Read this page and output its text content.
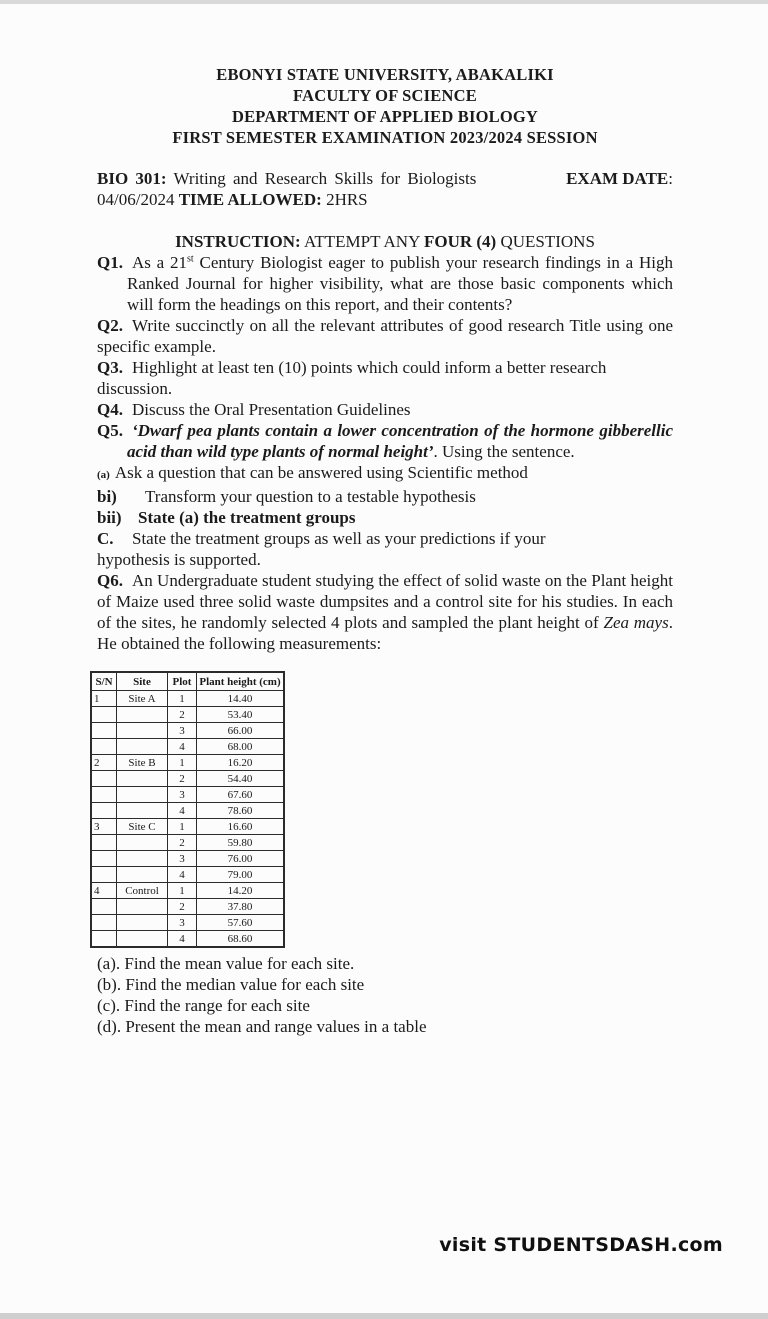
EBONYI STATE UNIVERSITY, ABAKALIKI
FACULTY OF SCIENCE
DEPARTMENT OF APPLIED BIOLOGY
FIRST SEMESTER EXAMINATION 2023/2024 SESSION
BIO 301: Writing and Research Skills for Biologists	EXAM DATE:
04/06/2024 TIME ALLOWED: 2HRS
INSTRUCTION: ATTEMPT ANY FOUR (4) QUESTIONS

Q1. As a 21st Century Biologist eager to publish your research findings in a High Ranked Journal for higher visibility, what are those basic components which will form the headings on this report, and their contents?

Q2. Write succinctly on all the relevant attributes of good research Title using one specific example.

Q3. Highlight at least ten (10) points which could inform a better research discussion.

Q4. Discuss the Oral Presentation Guidelines

Q5. ‘Dwarf pea plants contain a lower concentration of the hormone gibberellic acid than wild type plants of normal height’. Using the sentence.

(a) Ask a question that can be answered using Scientific method
bi) Transform your question to a testable hypothesis
bii) State (a) the treatment groups
C. State the treatment groups as well as your predictions if your hypothesis is supported.

Q6. An Undergraduate student studying the effect of solid waste on the Plant height of Maize used three solid waste dumpsites and a control site for his studies. In each of the sites, he randomly selected 4 plots and sampled the plant height of Zea mays. He obtained the following measurements:

S/N	Site	Plot	Plant height (cm)
1	Site A	1	14.40
		2	53.40
		3	66.00
		4	68.00
2	Site B	1	16.20
		2	54.40
		3	67.60
		4	78.60
3	Site C	1	16.60
		2	59.80
		3	76.00
		4	79.00
4	Control	1	14.20
		2	37.80
		3	57.60
		4	68.60
(a). Find the mean value for each site.
(b). Find the median value for each site
(c). Find the range for each site
(d). Present the mean and range values in a table
visit STUDENTSDASH.com
